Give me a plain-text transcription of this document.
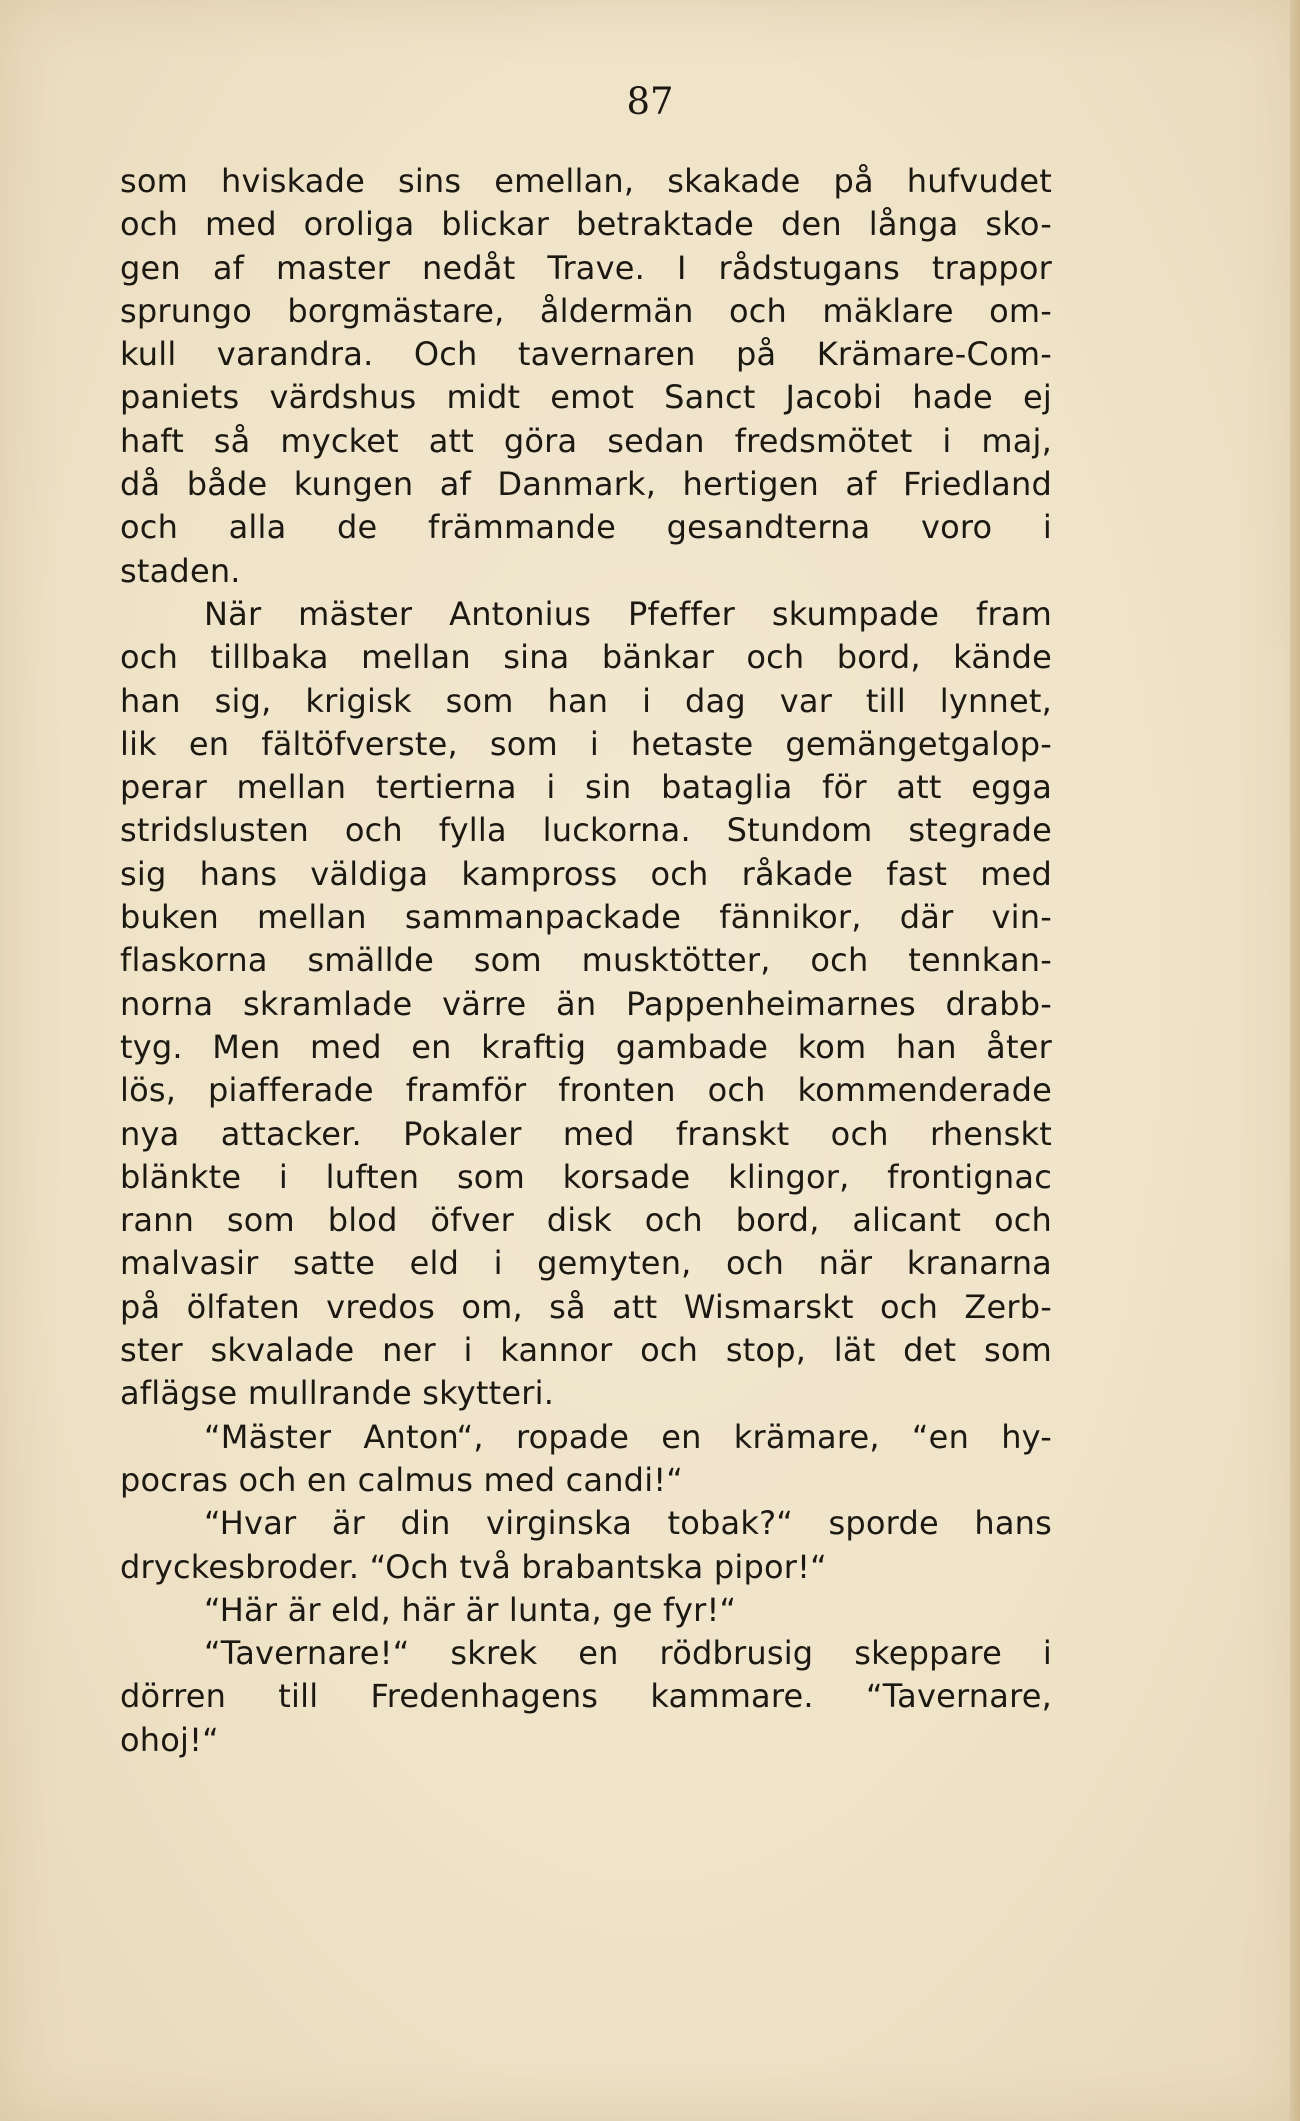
87
som hviskade sins emellan, skakade på hufvudet
och med oroliga blickar betraktade den långa sko-
gen af master nedåt Trave. I rådstugans trappor
sprungo borgmästare, åldermän och mäklare om-
kull varandra. Och tavernaren på Krämare-Com-
paniets värdshus midt emot Sanct Jacobi hade ej
haft så mycket att göra sedan fredsmötet i maj,
då både kungen af Danmark, hertigen af Friedland
och alla de främmande gesandterna voro i
staden.
När mäster Antonius Pfeffer skumpade fram
och tillbaka mellan sina bänkar och bord, kände
han sig, krigisk som han i dag var till lynnet,
lik en fältöfverste, som i hetaste gemängetgalop-
perar mellan tertierna i sin bataglia för att egga
stridslusten och fylla luckorna. Stundom stegrade
sig hans väldiga kampross och råkade fast med
buken mellan sammanpackade fännikor, där vin-
flaskorna smällde som musktötter, och tennkan-
norna skramlade värre än Pappenheimarnes drabb-
tyg. Men med en kraftig gambade kom han åter
lös, piafferade framför fronten och kommenderade
nya attacker. Pokaler med franskt och rhenskt
blänkte i luften som korsade klingor, frontignac
rann som blod öfver disk och bord, alicant och
malvasir satte eld i gemyten, och när kranarna
på ölfaten vredos om, så att Wismarskt och Zerb-
ster skvalade ner i kannor och stop, lät det som
aflägse mullrande skytteri.
“Mäster Anton“, ropade en krämare, “en hy-
pocras och en calmus med candi!“
“Hvar är din virginska tobak?“ sporde hans
dryckesbroder. “Och två brabantska pipor!“
“Här är eld, här är lunta, ge fyr!“
“Tavernare!“ skrek en rödbrusig skeppare i
dörren till Fredenhagens kammare. “Tavernare,
ohoj!“
